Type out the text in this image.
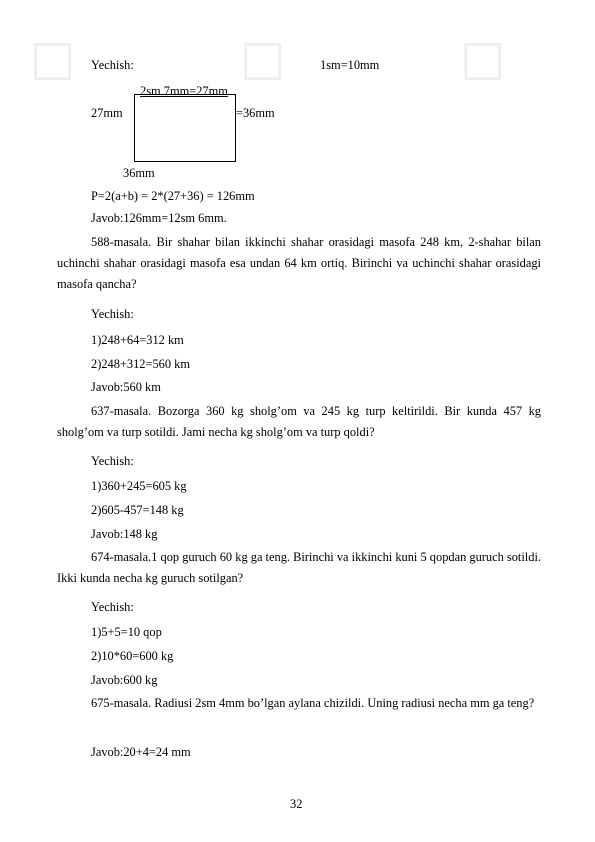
□	□	□
Yechish:	1sm=10mm
2sm 7mm=27mm
27mm	=36mm
36mm
P=2(a+b) = 2*(27+36) = 126mm
Javob:126mm=12sm 6mm.
588-masala. Bir shahar bilan ikkinchi shahar orasidagi masofa 248 km, 2-shahar bilan uchinchi shahar orasidagi masofa esa undan 64 km ortiq. Birinchi va uchinchi shahar orasidagi masofa qancha?
Yechish:
1)248+64=312 km
2)248+312=560 km
Javob:560 km
637-masala. Bozorga 360 kg sholg’om va 245 kg turp keltirildi. Bir kunda 457 kg sholg’om va turp sotildi. Jami necha kg sholg’om va turp qoldi?
Yechish:
1)360+245=605 kg
2)605-457=148 kg
Javob:148 kg
674-masala.1 qop guruch 60 kg ga teng. Birinchi va ikkinchi kuni 5 qopdan guruch sotildi. Ikki kunda necha kg guruch sotilgan?
Yechish:
1)5+5=10 qop
2)10*60=600 kg
Javob:600 kg
675-masala. Radiusi 2sm 4mm bo’lgan aylana chizildi. Uning radiusi necha mm ga teng?
Javob:20+4=24 mm
32
